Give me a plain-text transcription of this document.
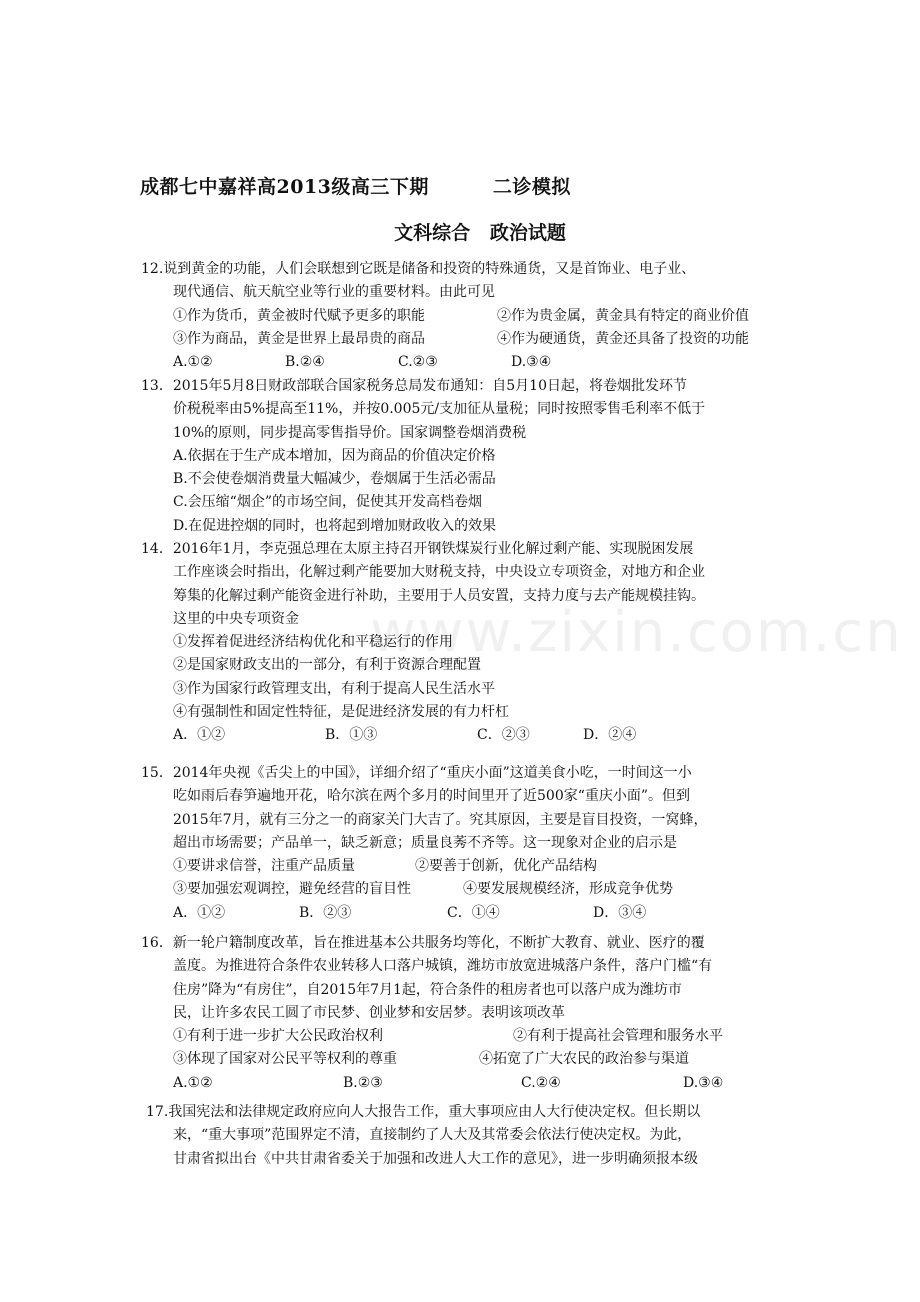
www.zixin.com.cn
成都七中嘉祥高2013级高三下期         二诊模拟
文科综合   政治试题
12.说到黄金的功能，人们会联想到它既是储备和投资的特殊通货，又是首饰业、电子业、
现代通信、航天航空业等行业的重要材料。由此可见
①作为货币，黄金被时代赋予更多的职能	②作为贵金属，黄金具有特定的商业价值
③作为商品，黄金是世界上最昂贵的商品	④作为硬通货，黄金还具备了投资的功能
A.①②	B.②④	C.②③	D.③④
13．2015年5月8日财政部联合国家税务总局发布通知：自5月10日起，将卷烟批发环节
价税税率由5%提高至11%，并按0.005元/支加征从量税；同时按照零售毛利率不低于
10%的原则，同步提高零售指导价。国家调整卷烟消费税
A.依据在于生产成本增加，因为商品的价值决定价格
B.不会使卷烟消费量大幅减少，卷烟属于生活必需品
C.会压缩“烟企”的市场空间，促使其开发高档卷烟
D.在促进控烟的同时，也将起到增加财政收入的效果
14．2016年1月，李克强总理在太原主持召开钢铁煤炭行业化解过剩产能、实现脱困发展
工作座谈会时指出，化解过剩产能要加大财税支持，中央设立专项资金，对地方和企业
筹集的化解过剩产能资金进行补助，主要用于人员安置，支持力度与去产能规模挂钩。
这里的中央专项资金
①发挥着促进经济结构优化和平稳运行的作用
②是国家财政支出的一部分，有利于资源合理配置
③作为国家行政管理支出，有利于提高人民生活水平
④有强制性和固定性特征，是促进经济发展的有力杆杠
A．①②	B．①③	C．②③	D．②④
15．2014年央视《舌尖上的中国》，详细介绍了“重庆小面”这道美食小吃，一时间这一小
吃如雨后春笋遍地开花，哈尔滨在两个多月的时间里开了近500家“重庆小面”。但到
2015年7月，就有三分之一的商家关门大吉了。究其原因，主要是盲目投资，一窝蜂，
超出市场需要；产品单一，缺乏新意；质量良莠不齐等。这一现象对企业的启示是
①要讲求信誉，注重产品质量	②要善于创新，优化产品结构
③要加强宏观调控，避免经营的盲目性	④要发展规模经济，形成竞争优势
A．①②	B．②③	C．①④	D．③④
16．新一轮户籍制度改革，旨在推进基本公共服务均等化，不断扩大教育、就业、医疗的覆
盖度。为推进符合条件农业转移人口落户城镇，潍坊市放宽进城落户条件，落户门槛“有
住房”降为“有房住”，自2015年7月1起，符合条件的租房者也可以落户成为潍坊市
民，让许多农民工圆了市民梦、创业梦和安居梦。表明该项改革
①有利于进一步扩大公民政治权利	②有利于提高社会管理和服务水平
③体现了国家对公民平等权利的尊重	④拓宽了广大农民的政治参与渠道
A.①②	B.②③	C.②④	D.③④
17.我国宪法和法律规定政府应向人大报告工作，重大事项应由人大行使决定权。但长期以
来，“重大事项”范围界定不清，直接制约了人大及其常委会依法行使决定权。为此，
甘肃省拟出台《中共甘肃省委关于加强和改进人大工作的意见》，进一步明确须报本级
